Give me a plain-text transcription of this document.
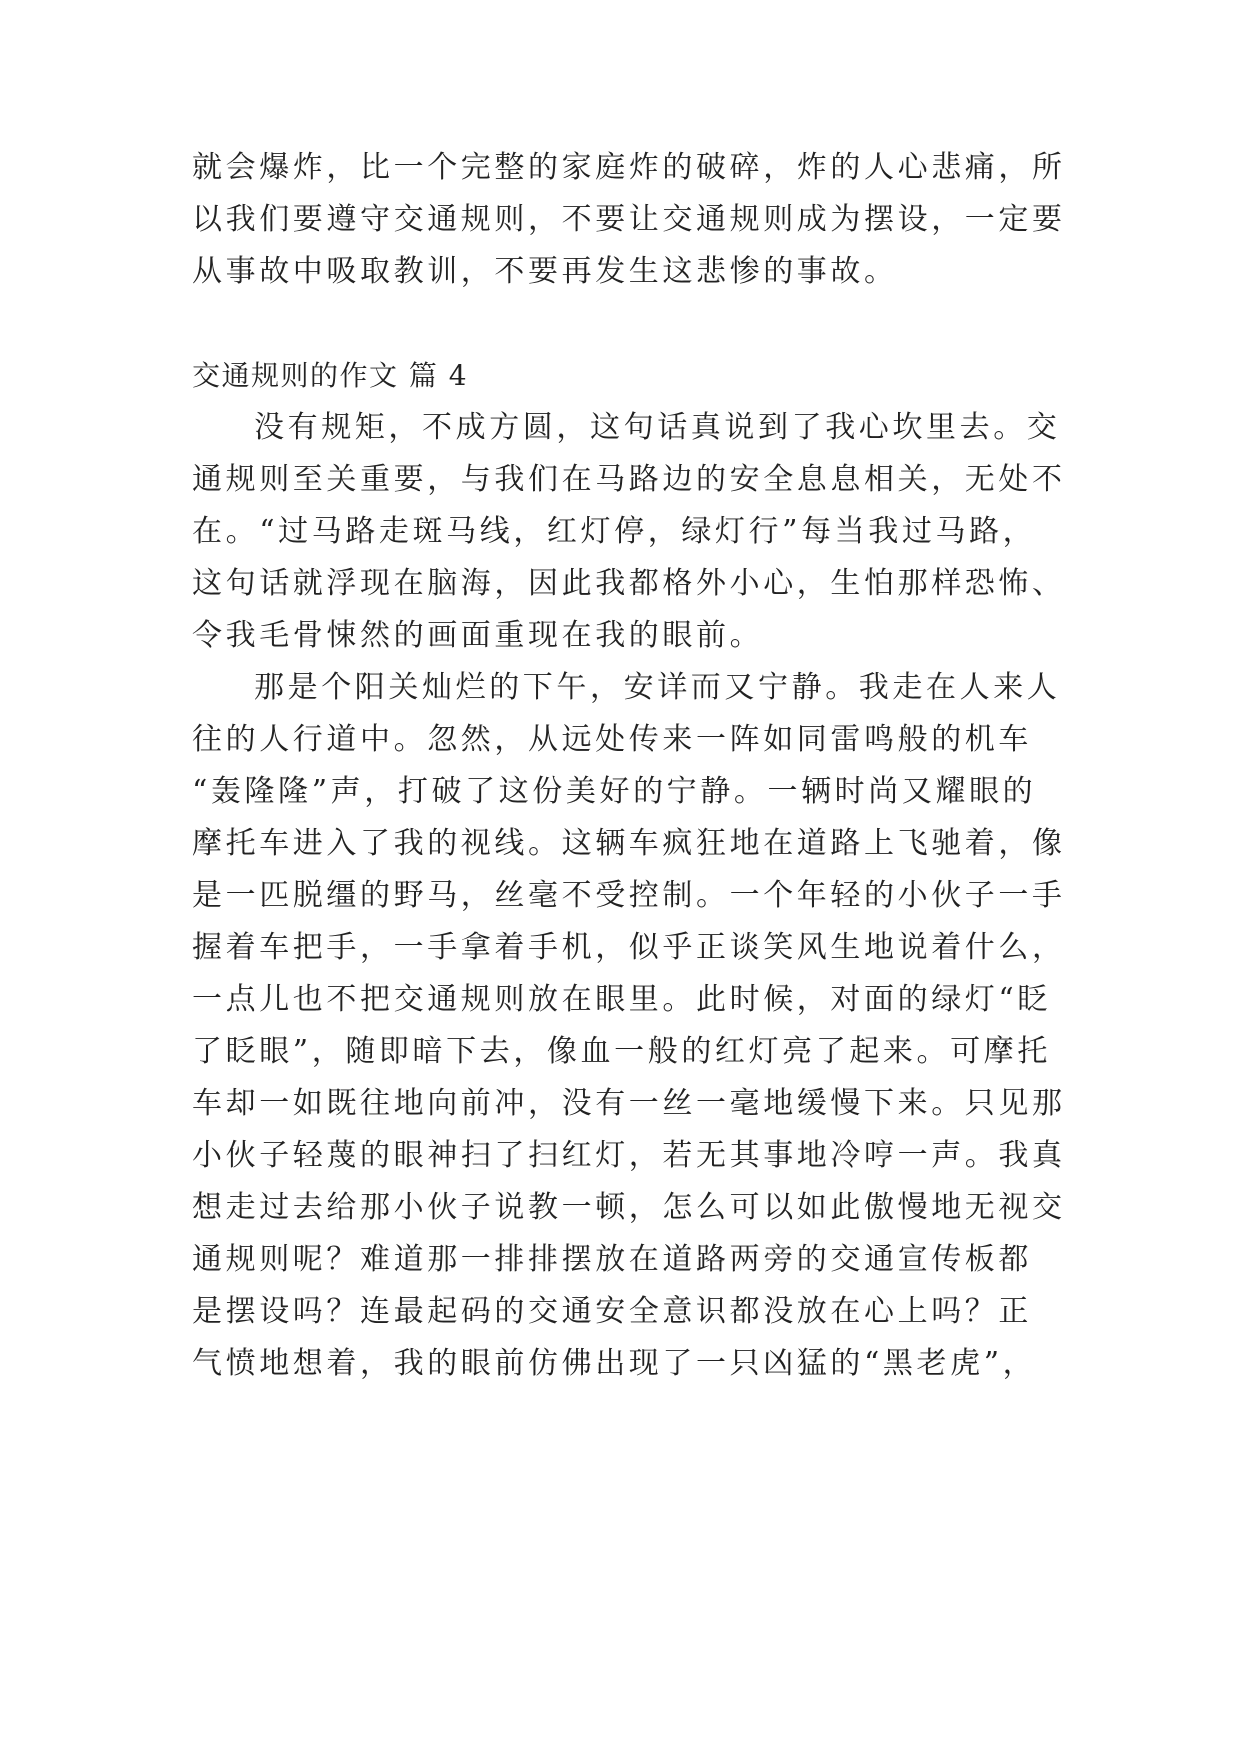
就会爆炸，比一个完整的家庭炸的破碎，炸的人心悲痛，所
以我们要遵守交通规则，不要让交通规则成为摆设，一定要
从事故中吸取教训，不要再发生这悲惨的事故。
交通规则的作文 篇 4
没有规矩，不成方圆，这句话真说到了我心坎里去。交
通规则至关重要，与我们在马路边的安全息息相关，无处不
在。“过马路走斑马线，红灯停，绿灯行”每当我过马路，
这句话就浮现在脑海，因此我都格外小心，生怕那样恐怖、
令我毛骨悚然的画面重现在我的眼前。
那是个阳关灿烂的下午，安详而又宁静。我走在人来人
往的人行道中。忽然，从远处传来一阵如同雷鸣般的机车
“轰隆隆”声，打破了这份美好的宁静。一辆时尚又耀眼的
摩托车进入了我的视线。这辆车疯狂地在道路上飞驰着，像
是一匹脱缰的野马，丝毫不受控制。一个年轻的小伙子一手
握着车把手，一手拿着手机，似乎正谈笑风生地说着什么，
一点儿也不把交通规则放在眼里。此时候，对面的绿灯“眨
了眨眼”，随即暗下去，像血一般的红灯亮了起来。可摩托
车却一如既往地向前冲，没有一丝一毫地缓慢下来。只见那
小伙子轻蔑的眼神扫了扫红灯，若无其事地冷哼一声。我真
想走过去给那小伙子说教一顿，怎么可以如此傲慢地无视交
通规则呢？难道那一排排摆放在道路两旁的交通宣传板都
是摆设吗？连最起码的交通安全意识都没放在心上吗？正
气愤地想着，我的眼前仿佛出现了一只凶猛的“黑老虎”，
